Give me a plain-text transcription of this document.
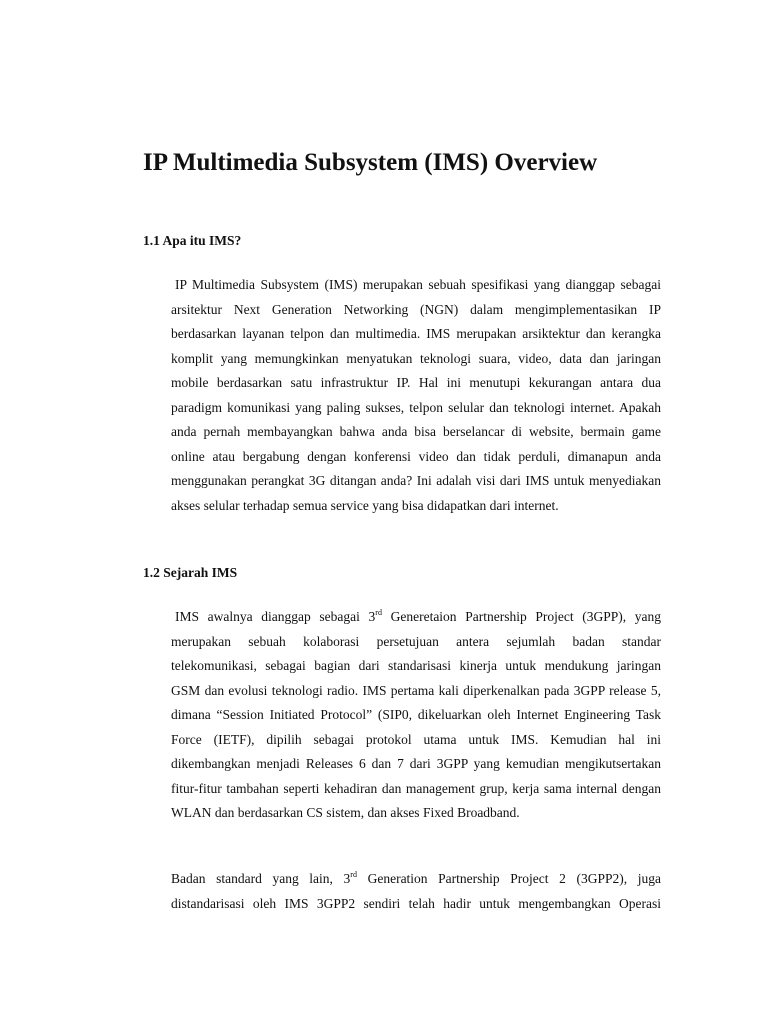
IP Multimedia Subsystem (IMS) Overview
1.1 Apa itu IMS?
IP Multimedia Subsystem (IMS) merupakan sebuah spesifikasi yang dianggap sebagai
arsitektur Next Generation Networking (NGN) dalam mengimplementasikan IP
berdasarkan layanan telpon dan multimedia. IMS merupakan arsiktektur dan kerangka
komplit yang memungkinkan menyatukan teknologi suara, video, data dan jaringan
mobile berdasarkan satu infrastruktur IP. Hal ini menutupi kekurangan antara dua
paradigm komunikasi yang paling sukses, telpon selular dan teknologi internet. Apakah
anda pernah membayangkan bahwa anda bisa berselancar di website, bermain game
online atau bergabung dengan konferensi video dan tidak perduli, dimanapun anda
menggunakan perangkat 3G ditangan anda? Ini adalah visi dari IMS untuk menyediakan
akses selular terhadap semua service yang bisa didapatkan dari internet.
1.2 Sejarah IMS
IMS awalnya dianggap sebagai 3rd Generetaion Partnership Project (3GPP), yang
merupakan sebuah kolaborasi persetujuan antera sejumlah badan standar
telekomunikasi, sebagai bagian dari standarisasi kinerja untuk mendukung jaringan
GSM dan evolusi teknologi radio. IMS pertama kali diperkenalkan pada 3GPP release 5,
dimana “Session Initiated Protocol” (SIP0, dikeluarkan oleh Internet Engineering Task
Force (IETF), dipilih sebagai protokol utama untuk IMS. Kemudian hal ini
dikembangkan menjadi Releases 6 dan 7 dari 3GPP yang kemudian mengikutsertakan
fitur-fitur tambahan seperti kehadiran dan management grup, kerja sama internal dengan
WLAN dan berdasarkan CS sistem, dan akses Fixed Broadband.
Badan standard yang lain, 3rd Generation Partnership Project 2 (3GPP2), juga
distandarisasi oleh IMS 3GPP2 sendiri telah hadir untuk mengembangkan Operasi
